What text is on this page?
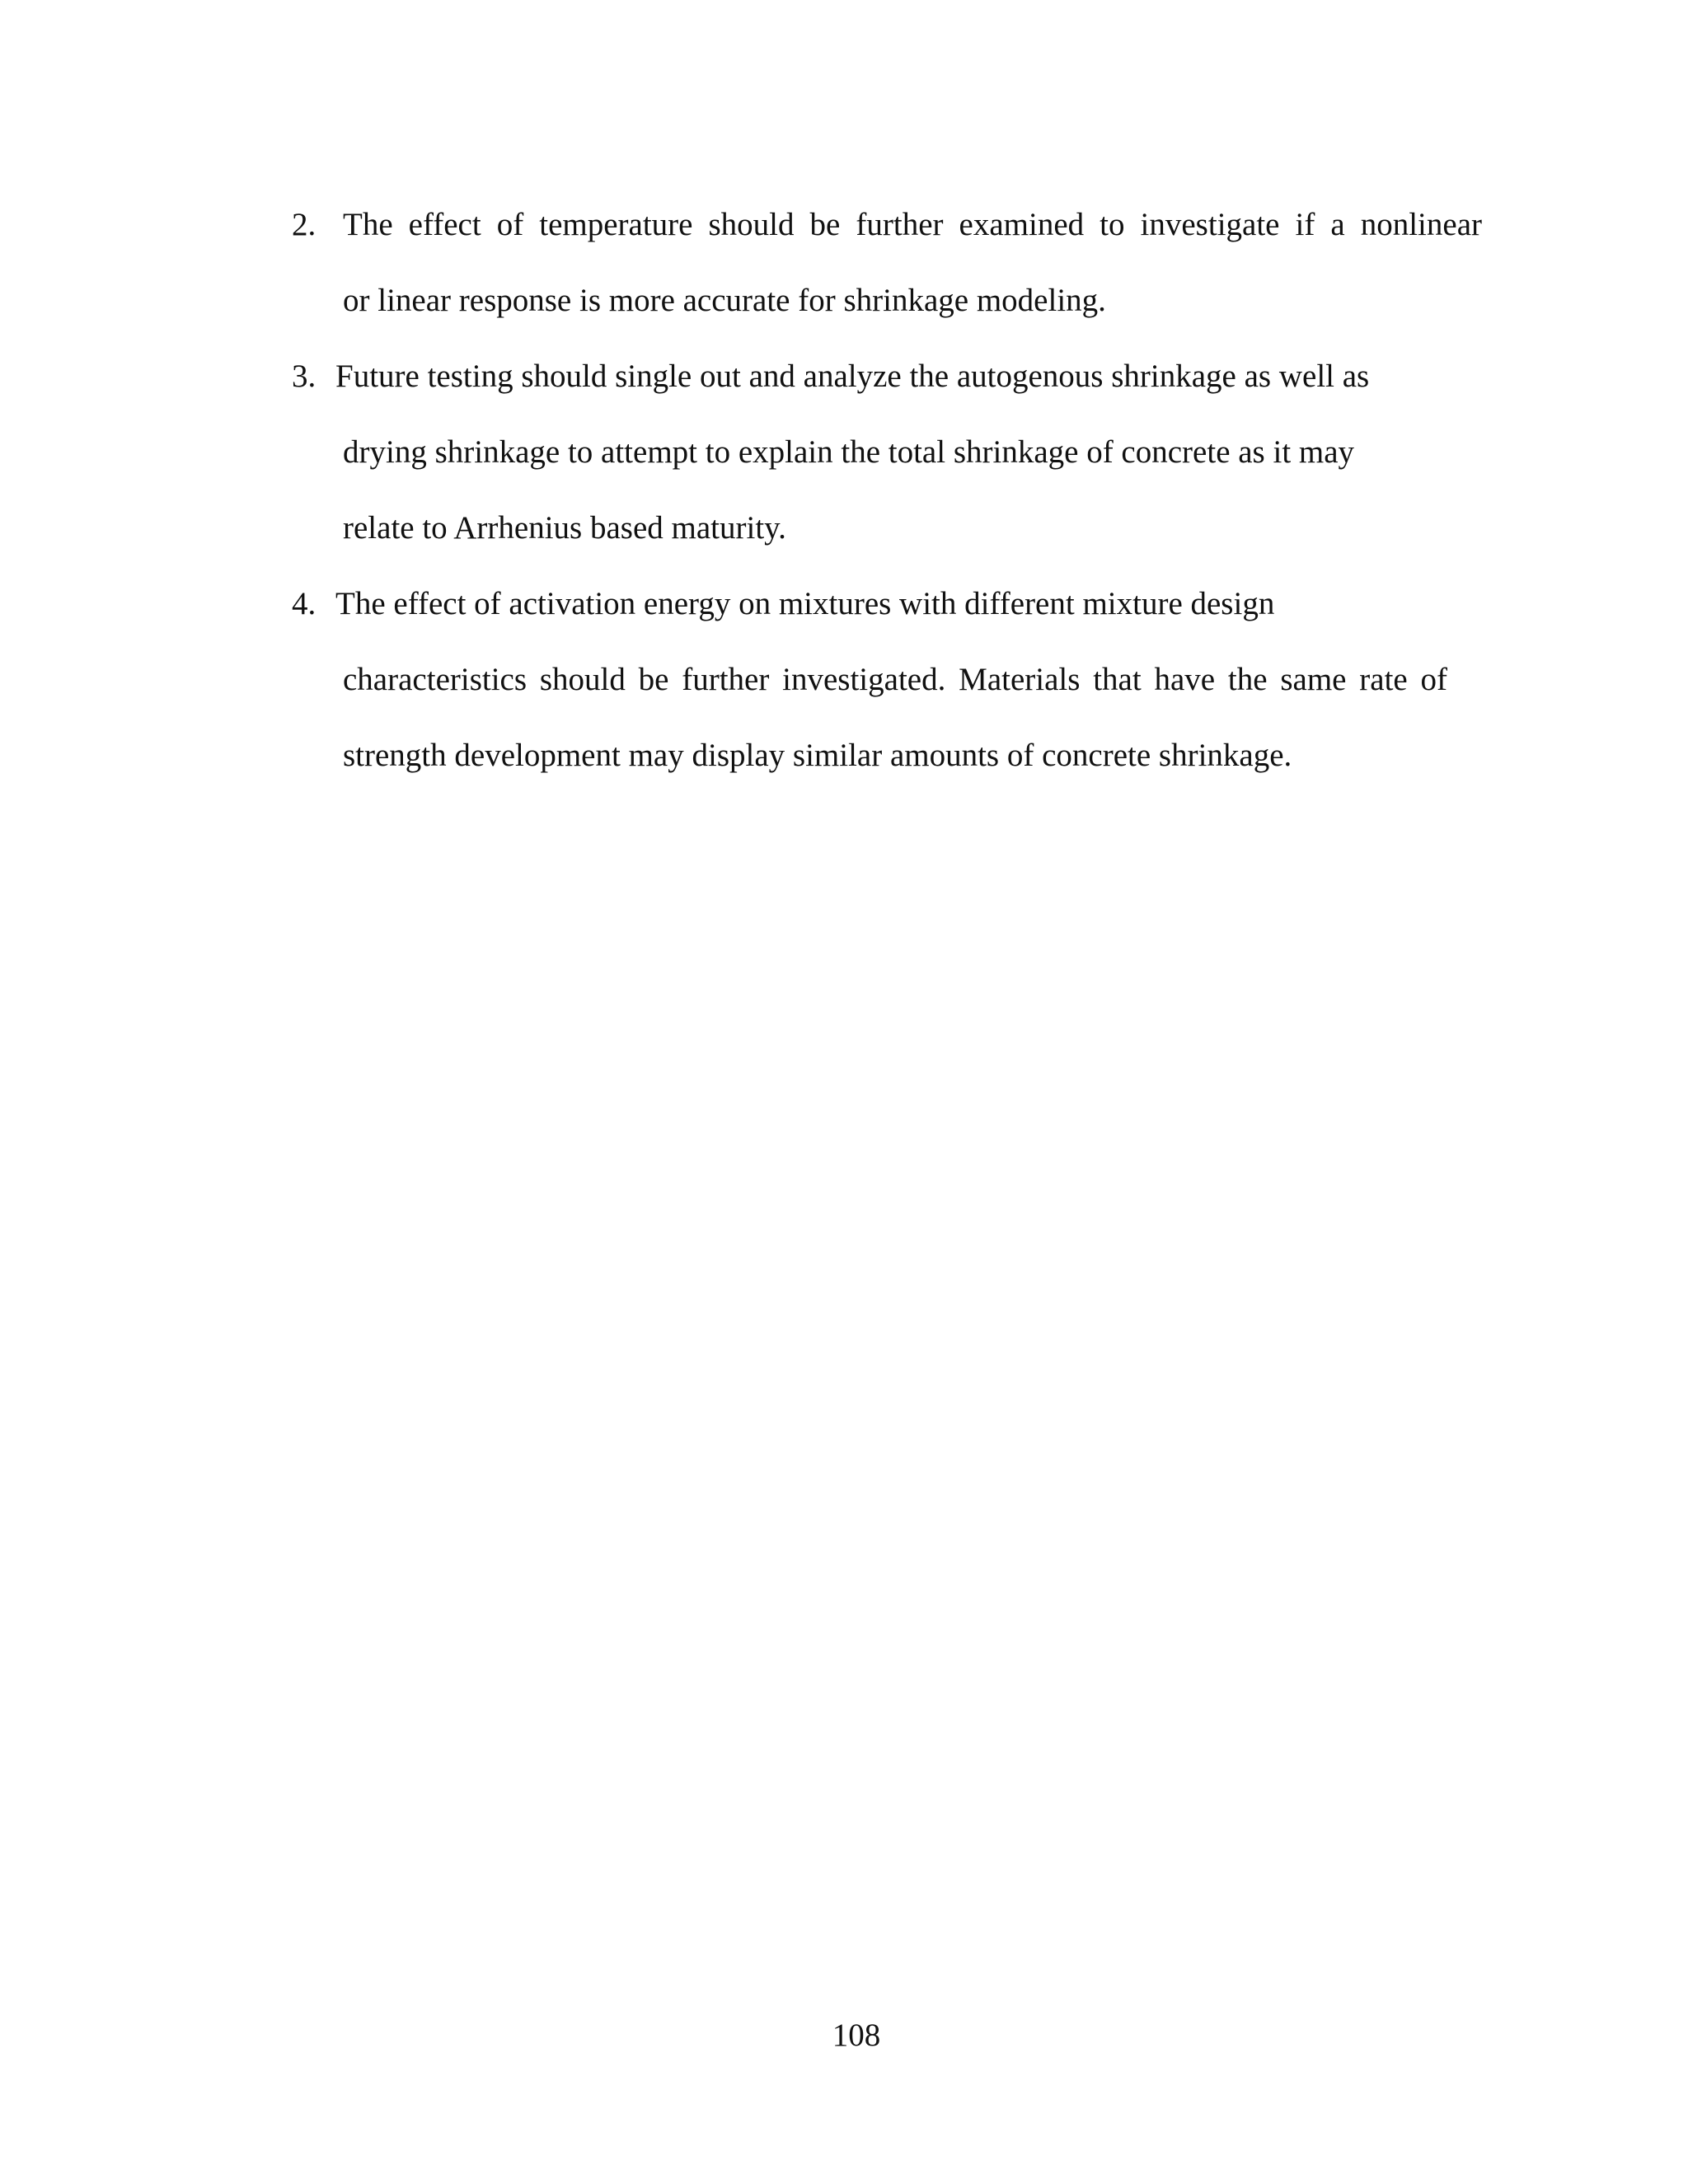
2. The effect of temperature should be further examined to investigate if a nonlinear
or linear response is more accurate for shrinkage modeling.
3. Future testing should single out and analyze the autogenous shrinkage as well as
drying shrinkage to attempt to explain the total shrinkage of concrete as it may
relate to Arrhenius based maturity.
4. The effect of activation energy on mixtures with different mixture design
characteristics should be further investigated. Materials that have the same rate of
strength development may display similar amounts of concrete shrinkage.
108
